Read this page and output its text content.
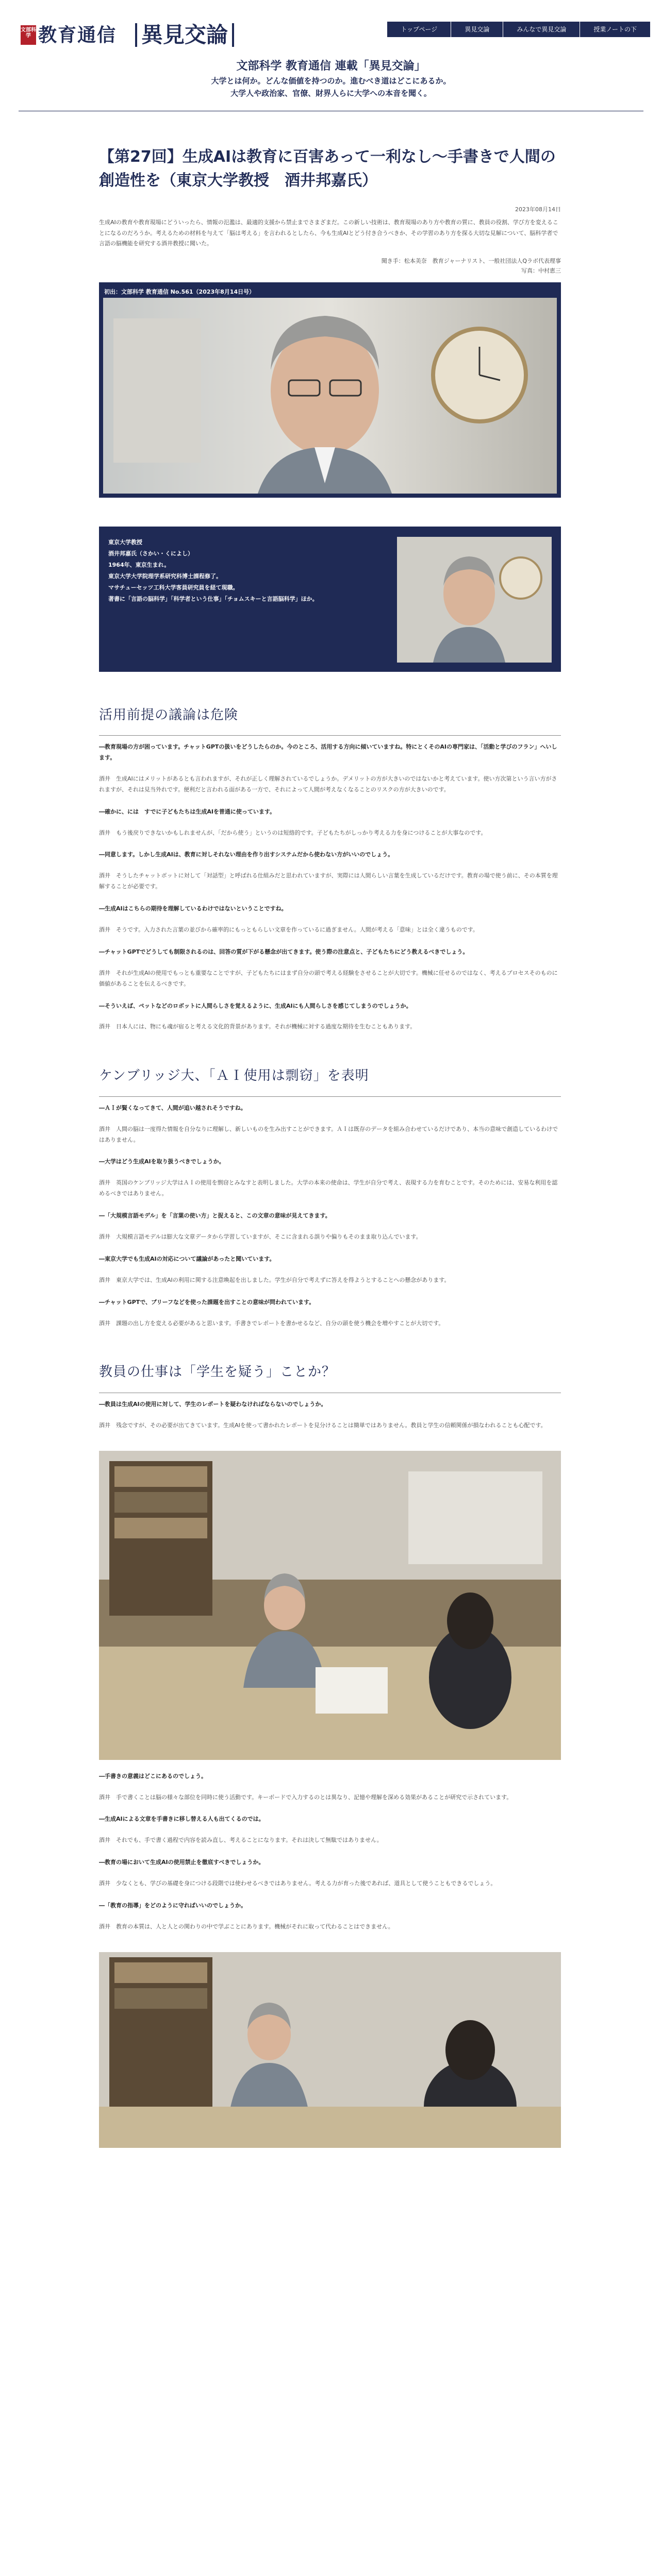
文部科学 教育通信 異見交論	トップページ	異見交論	みんなで異見交論	授業ノートの下
文部科学 教育通信 連載「異見交論」

大学とは何か。どんな価値を持つのか。進むべき道はどこにあるか。

大学人や政治家、官僚、財界人らに大学への本音を聞く。

【第27回】生成AIは教育に百害あって一利なし～手書きで人間の創造性を（東京大学教授　酒井邦嘉氏）
2023年08月14日

生成AIの教育や教育現場にどういったら、情報の氾濫は、最適的支援から禁止までさまざまだ。この新しい技術は、教育現場のあり方や教育の質に、教員の役割、学び方を変えることになるのだろうか。考えるための材料を与えて「脳は考える」を言われるとしたら、今も生成AIとどう付き合うべきか、その学習のあり方を探る大切な見解について、脳科学者で言語の脳機能を研究する酒井教授に聞いた。

聞き手：松本美奈　教育ジャーナリスト、一般社団法人Qラボ代表理事
写真：中村恵三
初出：文部科学 教育通信 No.561（2023年8月14日号）
東京大学教授
酒井邦嘉氏（さかい・くによし）
1964年、東京生まれ。
東京大学大学院理学系研究科博士課程修了。
マサチューセッツ工科大学客員研究員を経て現職。
著書に「言語の脳科学」「科学者という仕事」「チョムスキーと言語脳科学」ほか。
活用前提の議論は危険
―教育現場の方が困っています。チャットGPTの扱いをどうしたらのか。今のところ、活用する方向に傾いていますね。特にとくそのAIの専門家は、「活動と学びのフラン」へいします。
酒井　生成AIにはメリットがあるとも言われますが、それが正しく理解されているでしょうか。デメリットの方が大きいのではないかと考えています。使い方次第という言い方がされますが、それは見当外れです。便利だと言われる面がある一方で、それによって人間が考えなくなることのリスクの方が大きいのです。
―確かに、には　すでに子どもたちは生成AIを普通に使っています。
酒井　もう後戻りできないかもしれませんが、「だから使う」というのは短絡的です。子どもたちがしっかり考える力を身につけることが大事なのです。
―同意します。しかし生成AIは、教育に対しそれない理由を作り出すシステムだから使わない方がいいのでしょう。
酒井　そうしたチャットボットに対して「対話型」と呼ばれる仕組みだと思われていますが、実際には人間らしい言葉を生成しているだけです。教育の場で使う前に、その本質を理解することが必要です。
―生成AIはこちらの期待を理解しているわけではないということですね。
酒井　そうです。入力された言葉の並びから確率的にもっともらしい文章を作っているに過ぎません。人間が考える「意味」とは全く違うものです。
―チャットGPTでどうしても制限されるのは、回答の質が下がる懸念が出てきます。使う際の注意点と、子どもたちにどう教えるべきでしょう。
酒井　それが生成AIの使用でもっとも重要なことですが、子どもたちにはまず自分の頭で考える経験をさせることが大切です。機械に任せるのではなく、考えるプロセスそのものに価値があることを伝えるべきです。
―そういえば、ペットなどのロボットに人間らしさを覚えるように、生成AIにも人間らしさを感じてしまうのでしょうか。
酒井　日本人には、物にも魂が宿ると考える文化的背景があります。それが機械に対する過度な期待を生むこともあります。
ケンブリッジ大、「ＡＩ使用は剽窃」を表明
―ＡＩが賢くなってきて、人間が追い越されそうですね。
酒井　人間の脳は一度得た情報を自分なりに理解し、新しいものを生み出すことができます。ＡＩは既存のデータを組み合わせているだけであり、本当の意味で創造しているわけではありません。
―大学はどう生成AIを取り扱うべきでしょうか。
酒井　英国のケンブリッジ大学はＡＩの使用を剽窃とみなすと表明しました。大学の本来の使命は、学生が自分で考え、表現する力を育むことです。そのためには、安易な利用を認めるべきではありません。
―「大規模言語モデル」を「言葉の使い方」と捉えると、この文章の意味が見えてきます。
酒井　大規模言語モデルは膨大な文章データから学習していますが、そこに含まれる誤りや偏りもそのまま取り込んでいます。
―東京大学でも生成AIの対応について議論があったと聞いています。
酒井　東京大学では、生成AIの利用に関する注意喚起を出しました。学生が自分で考えずに答えを得ようとすることへの懸念があります。
―チャットGPTで、ブリーフなどを使った課題を出すことの意味が問われています。
酒井　課題の出し方を変える必要があると思います。手書きでレポートを書かせるなど、自分の頭を使う機会を増やすことが大切です。
教員の仕事は「学生を疑う」ことか？
―教員は生成AIの使用に対して、学生のレポートを疑わなければならないのでしょうか。
酒井　残念ですが、その必要が出てきています。生成AIを使って書かれたレポートを見分けることは簡単ではありません。教員と学生の信頼関係が損なわれることも心配です。
―手書きの意義はどこにあるのでしょう。
酒井　手で書くことは脳の様々な部位を同時に使う活動です。キーボードで入力するのとは異なり、記憶や理解を深める効果があることが研究で示されています。
―生成AIによる文章を手書きに移し替える人も出てくるのでは。
酒井　それでも、手で書く過程で内容を読み直し、考えることになります。それは決して無駄ではありません。
―教育の場において生成AIの使用禁止を徹底すべきでしょうか。
酒井　少なくとも、学びの基礎を身につける段階では使わせるべきではありません。考える力が育った後であれば、道具として使うこともできるでしょう。
―「教育の指導」をどのように守ればいいのでしょうか。
酒井　教育の本質は、人と人との関わりの中で学ぶことにあります。機械がそれに取って代わることはできません。
